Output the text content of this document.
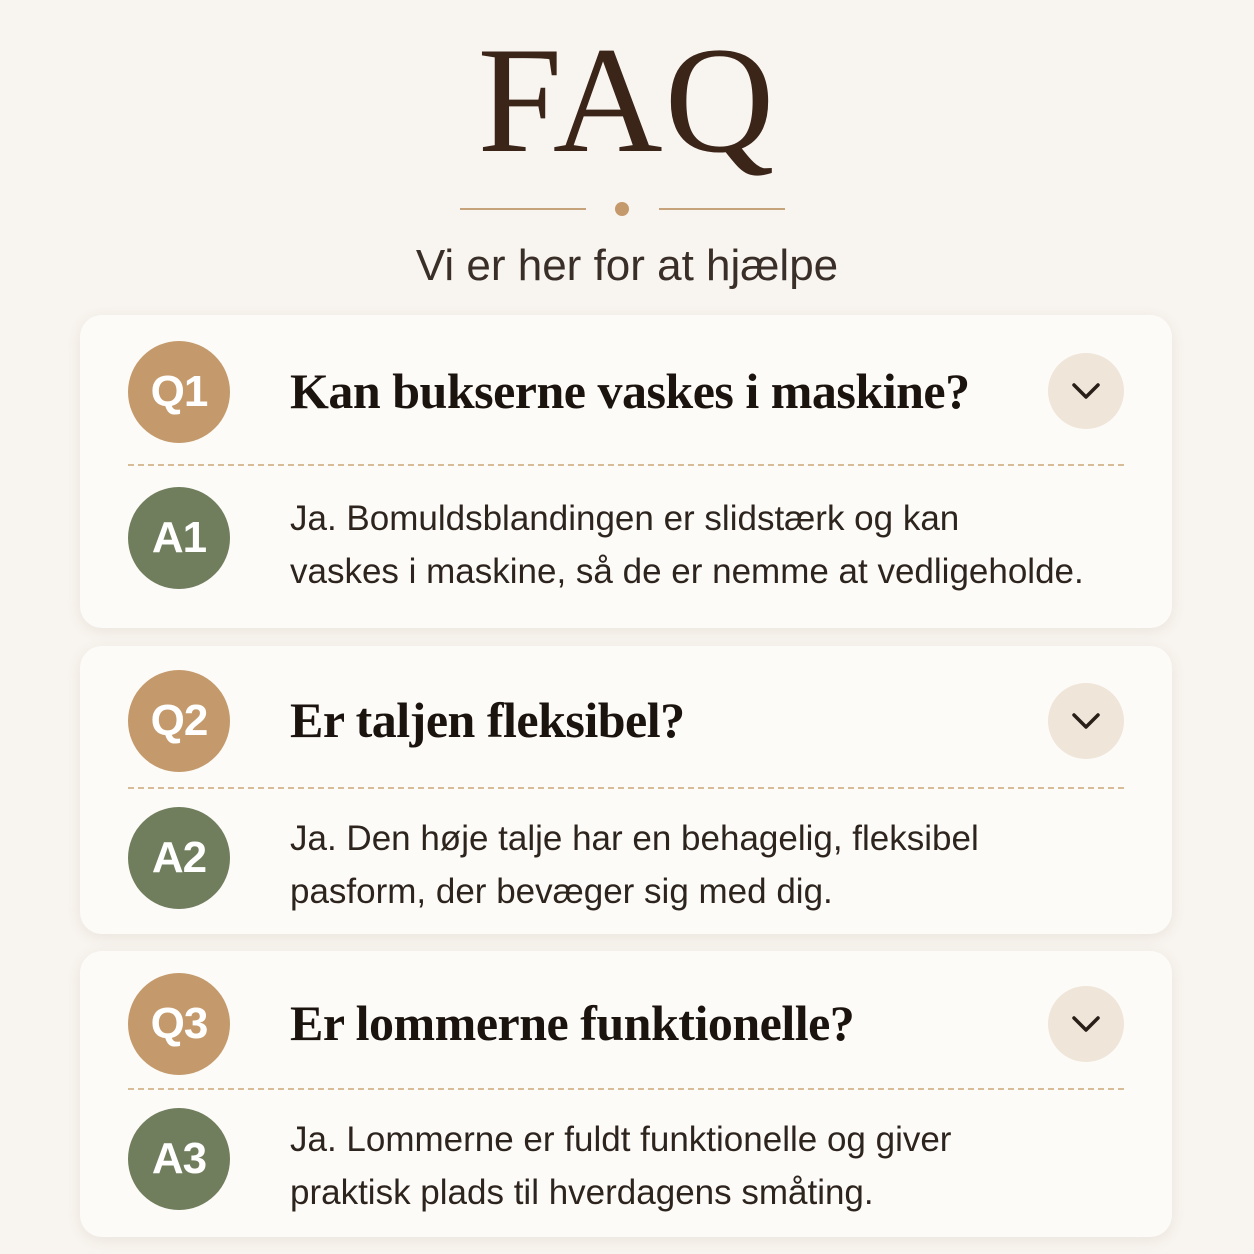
FAQ
Vi er her for at hjælpe
Q1	Kan bukserne vaskes i maskine?
A1	Ja. Bomuldsblandingen er slidstærk og kan
vaskes i maskine, så de er nemme at vedligeholde.
Q2	Er taljen fleksibel?
A2	Ja. Den høje talje har en behagelig, fleksibel
pasform, der bevæger sig med dig.
Q3	Er lommerne funktionelle?
A3	Ja. Lommerne er fuldt funktionelle og giver
praktisk plads til hverdagens småting.
